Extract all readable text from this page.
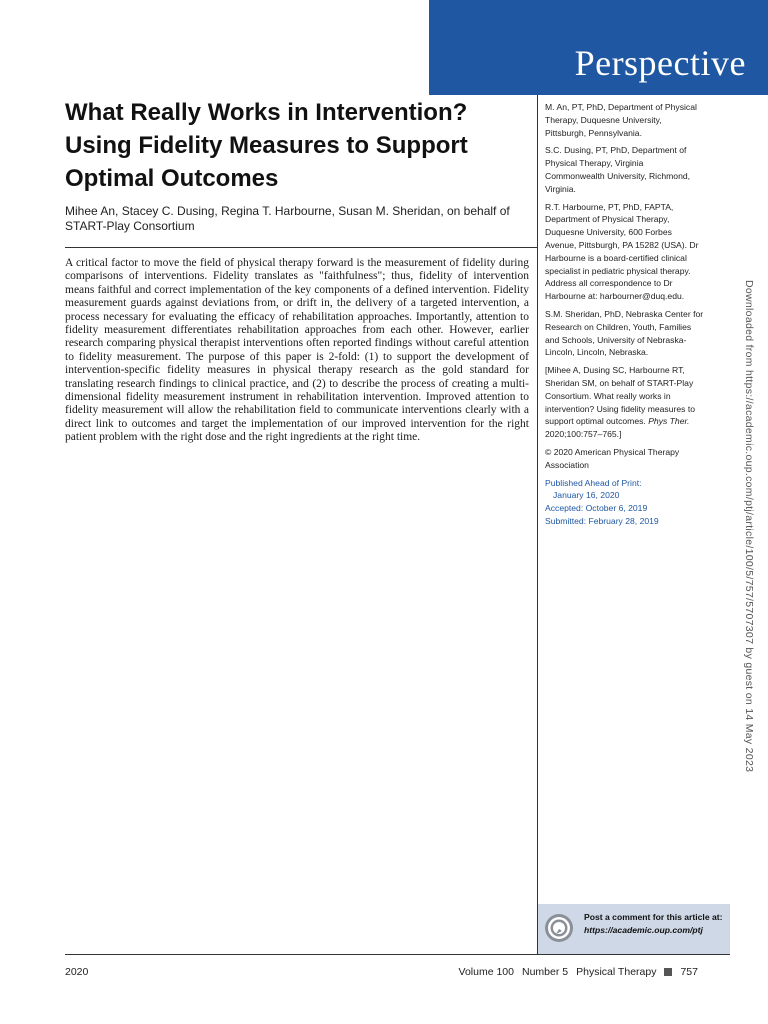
Perspective
What Really Works in Intervention? Using Fidelity Measures to Support Optimal Outcomes
Mihee An, Stacey C. Dusing, Regina T. Harbourne, Susan M. Sheridan, on behalf of START-Play Consortium

A critical factor to move the field of physical therapy forward is the measurement of fidelity during comparisons of interventions. Fidelity translates as "faithfulness"; thus, fidelity of intervention means faithful and correct implementation of the key components of a defined intervention. Fidelity measurement guards against deviations from, or drift in, the delivery of a targeted intervention, a process necessary for evaluating the efficacy of rehabilitation approaches. Importantly, attention to fidelity measurement differentiates rehabilitation approaches from each other. However, earlier research comparing physical therapist interventions often reported findings without careful attention to fidelity measurement. The purpose of this paper is 2-fold: (1) to support the development of intervention-specific fidelity measures in physical therapy research as the gold standard for translating research findings to clinical practice, and (2) to describe the process of creating a multi-dimensional fidelity measurement instrument in rehabilitation intervention. Improved attention to fidelity measurement will allow the rehabilitation field to communicate interventions clearly with a direct link to outcomes and target the implementation of our improved intervention for the right patient problem with the right dose and the right ingredients at the right time.

M. An, PT, PhD, Department of Physical Therapy, Duquesne University, Pittsburgh, Pennsylvania.

S.C. Dusing, PT, PhD, Department of Physical Therapy, Virginia Commonwealth University, Richmond, Virginia.

R.T. Harbourne, PT, PhD, FAPTA, Department of Physical Therapy, Duquesne University, 600 Forbes Avenue, Pittsburgh, PA 15282 (USA). Dr Harbourne is a board-certified clinical specialist in pediatric physical therapy. Address all correspondence to Dr Harbourne at: harbourner@duq.edu.

S.M. Sheridan, PhD, Nebraska Center for Research on Children, Youth, Families and Schools, University of Nebraska-Lincoln, Lincoln, Nebraska.

[Mihee A, Dusing SC, Harbourne RT, Sheridan SM, on behalf of START-Play Consortium. What really works in intervention? Using fidelity measures to support optimal outcomes. Phys Ther. 2020;100:757–765.]

© 2020 American Physical Therapy Association

Published Ahead of Print:

January 16, 2020

Accepted: October 6, 2019

Submitted: February 28, 2019	Downloaded from https://academic.oup.com/ptj/article/100/5/757/5707307 by guest on 14 May 2023
Post a comment for this article at:
https://academic.oup.com/ptj
2020	Volume 100 Number 5 Physical Therapy 757
